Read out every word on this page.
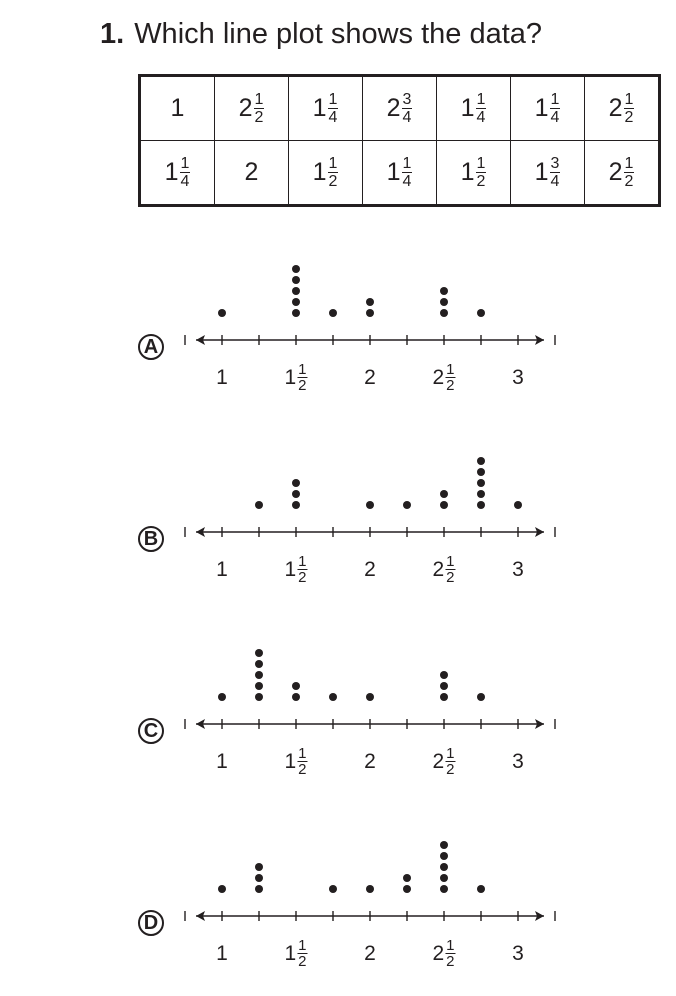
1. Which line plot shows the data?
1	$2 \frac{1}{2}$	$1 \frac{1}{4}$	$2 \frac{3}{4}$	$1 \frac{1}{4}$	$1 \frac{1}{4}$	$2 \frac{1}{2}$

$1 \frac{1}{4}$	2	$1 \frac{1}{2}$	$1 \frac{1}{4}$	$1 \frac{1}{2}$	$1 \frac{3}{4}$	$2 \frac{1}{2}$
A
1	$1 \frac{1}{2}$	2	$2 \frac{1}{2}$	3
B
1	$1 \frac{1}{2}$	2	$2 \frac{1}{2}$	3
C
1	$1 \frac{1}{2}$	2	$2 \frac{1}{2}$	3
D
1	$1 \frac{1}{2}$	2	$2 \frac{1}{2}$	3
